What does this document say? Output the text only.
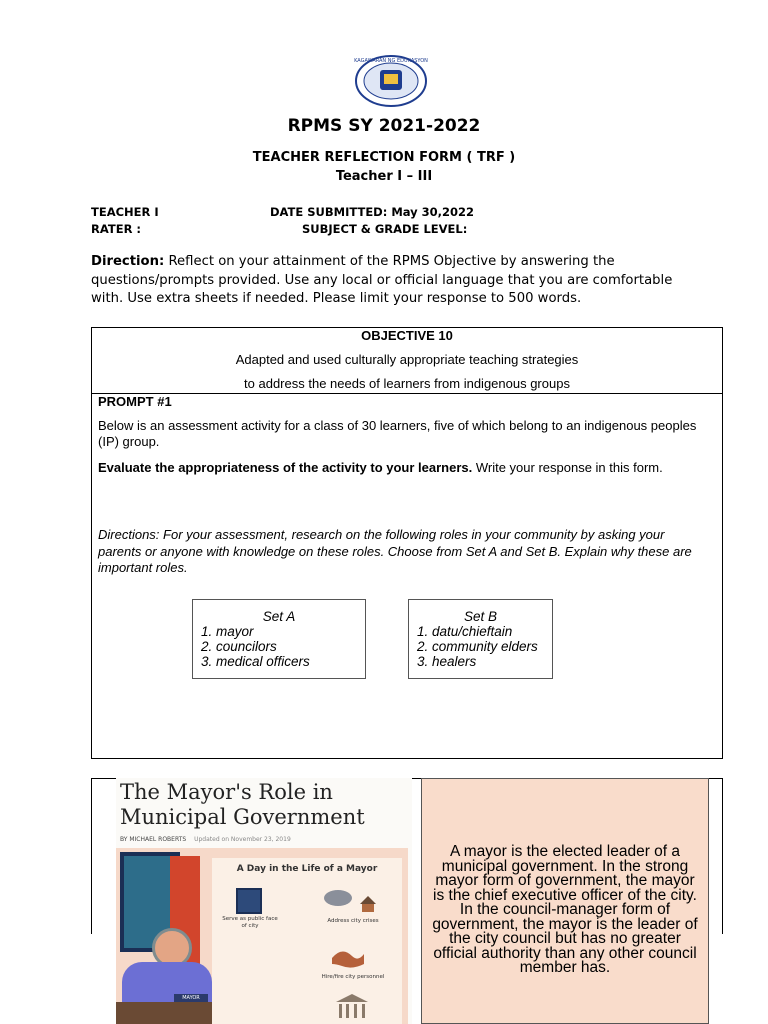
KAGAWARAN NG EDUKASYON
RPMS SY 2021-2022
TEACHER REFLECTION FORM ( TRF )
Teacher I – III
TEACHER I
RATER :
DATE SUBMITTED: May 30,2022
SUBJECT & GRADE LEVEL:
Direction: Reflect on your attainment of the RPMS Objective by answering the questions/prompts provided. Use any local or official language that you are comfortable with. Use extra sheets if needed. Please limit your response to 500 words.
OBJECTIVE 10
Adapted and used culturally appropriate teaching strategies
to address the needs of learners from indigenous groups
PROMPT #1
Below is an assessment activity for a class of 30 learners, five of which belong to an indigenous peoples (IP) group.
Evaluate the appropriateness of the activity to your learners. Write your response in this form.
Directions: For your assessment, research on the following roles in your community by asking your parents or anyone with knowledge on these roles. Choose from Set A and Set B. Explain why these are important roles.
Set A
1. mayor
2. councilors
3. medical officers
Set B
1. datu/chieftain
2. community elders
3. healers
The Mayor's Role in Municipal Government
BY MICHAEL ROBERTS Updated on November 23, 2019
MAYOR
A Day in the Life of a Mayor
Serve as public face of city
Address city crises
Hire/fire city personnel
A mayor is the elected leader of a municipal government. In the strong mayor form of government, the mayor is the chief executive officer of the city. In the council-manager form of government, the mayor is the leader of the city council but has no greater official authority than any other council member has.
